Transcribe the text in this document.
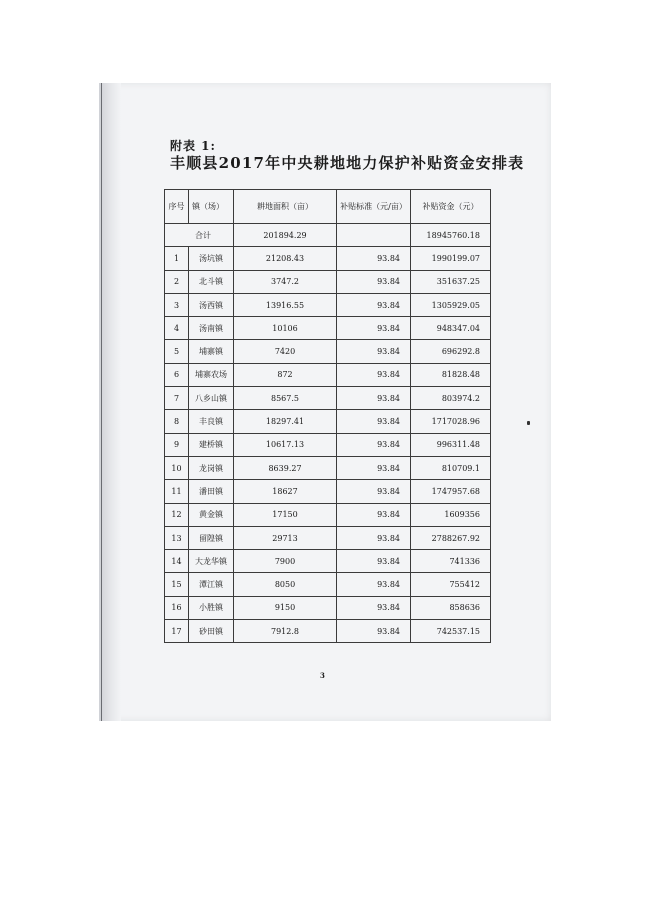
附表 1:
丰顺县2017年中央耕地地力保护补贴资金安排表
序号	镇（场）	耕地面积（亩）	补贴标准（元/亩）	补贴资金（元）
合计		201894.29		18945760.18
1	汤坑镇	21208.43	93.84	1990199.07
2	北斗镇	3747.2	93.84	351637.25
3	汤西镇	13916.55	93.84	1305929.05
4	汤南镇	10106	93.84	948347.04
5	埔寨镇	7420	93.84	696292.8
6	埔寨农场	872	93.84	81828.48
7	八乡山镇	8567.5	93.84	803974.2
8	丰良镇	18297.41	93.84	1717028.96
9	建桥镇	10617.13	93.84	996311.48
10	龙岗镇	8639.27	93.84	810709.1
11	潘田镇	18627	93.84	1747957.68
12	黄金镇	17150	93.84	1609356
13	留隍镇	29713	93.84	2788267.92
14	大龙华镇	7900	93.84	741336
15	潭江镇	8050	93.84	755412
16	小胜镇	9150	93.84	858636
17	砂田镇	7912.8	93.84	742537.15
3
